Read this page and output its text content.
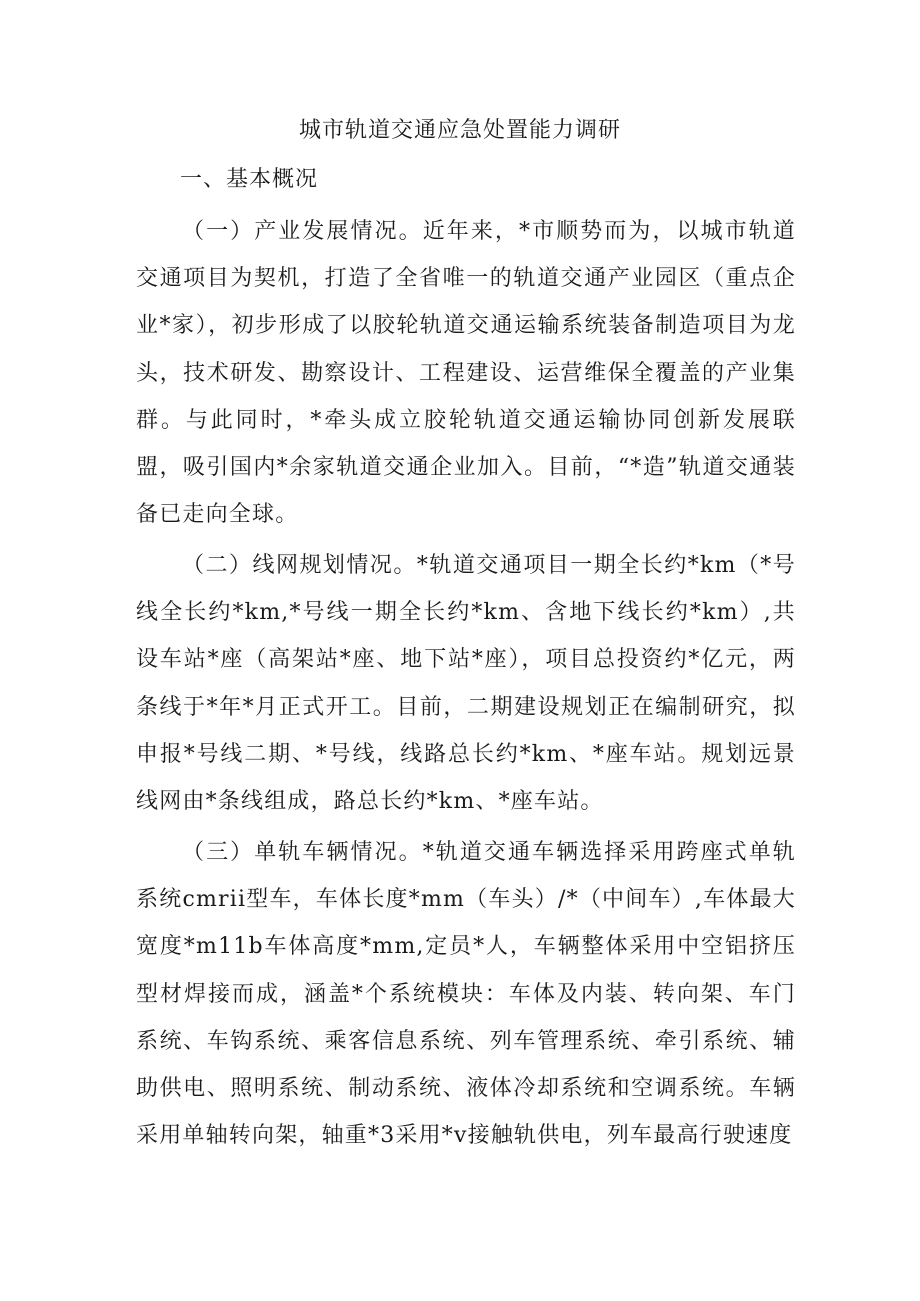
城市轨道交通应急处置能力调研
一、基本概况

（一）产业发展情况。近年来，*市顺势而为，以城市轨道交通项目为契机，打造了全省唯一的轨道交通产业园区（重点企业*家），初步形成了以胶轮轨道交通运输系统装备制造项目为龙头，技术研发、勘察设计、工程建设、运营维保全覆盖的产业集群。与此同时，*牵头成立胶轮轨道交通运输协同创新发展联盟，吸引国内*余家轨道交通企业加入。目前，“*造”轨道交通装备已走向全球。

（二）线网规划情况。*轨道交通项目一期全长约*km（*号线全长约*km,*号线一期全长约*km、含地下线长约*km）,共设车站*座（高架站*座、地下站*座），项目总投资约*亿元，两条线于*年*月正式开工。目前，二期建设规划正在编制研究，拟申报*号线二期、*号线，线路总长约*km、*座车站。规划远景线网由*条线组成，路总长约*km、*座车站。

（三）单轨车辆情况。*轨道交通车辆选择采用跨座式单轨系统cmrii型车，车体长度*mm（车头）/*（中间车）,车体最大宽度*m11b车体高度*mm,定员*人，车辆整体采用中空铝挤压型材焊接而成，涵盖*个系统模块：车体及内装、转向架、车门系统、车钩系统、乘客信息系统、列车管理系统、牵引系统、辅助供电、照明系统、制动系统、液体冷却系统和空调系统。车辆采用单轴转向架，轴重*3采用*v接触轨供电，列车最高行驶速度
